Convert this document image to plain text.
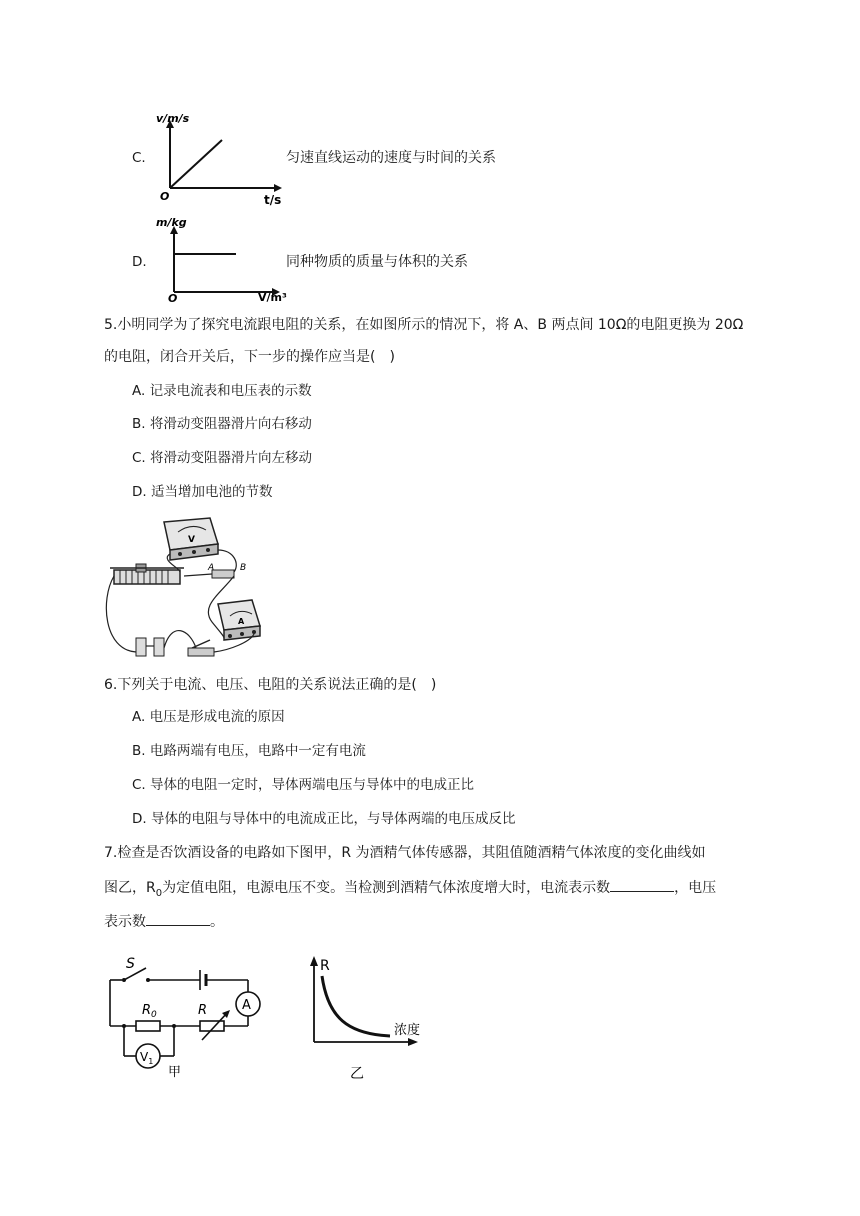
C.
v/m/s
t/s
O
匀速直线运动的速度与时间的关系
D.
m/kg
V/m³
O
同种物质的质量与体积的关系
5.小明同学为了探究电流跟电阻的关系，在如图所示的情况下，将 A、B 两点间 10Ω的电阻更换为 20Ω
的电阻，闭合开关后，下一步的操作应当是(　)
A. 记录电流表和电压表的示数
B. 将滑动变阻器滑片向右移动
C. 将滑动变阻器滑片向左移动
D. 适当增加电池的节数
V
A
A	B
6.下列关于电流、电压、电阻的关系说法正确的是(　)
A. 电压是形成电流的原因
B. 电路两端有电压，电路中一定有电流
C. 导体的电阻一定时，导体两端电压与导体中的电成正比
D. 导体的电阻与导体中的电流成正比，与导体两端的电压成反比
7.检查是否饮酒设备的电路如下图甲，R 为酒精气体传感器，其阻值随酒精气体浓度的变化曲线如
图乙，$R_0$为定值电阻，电源电压不变。当检测到酒精气体浓度增大时，电流表示数	，电压
表示数	。
S
A
$R_0$	R
$V_1$
甲
R
浓度
乙
